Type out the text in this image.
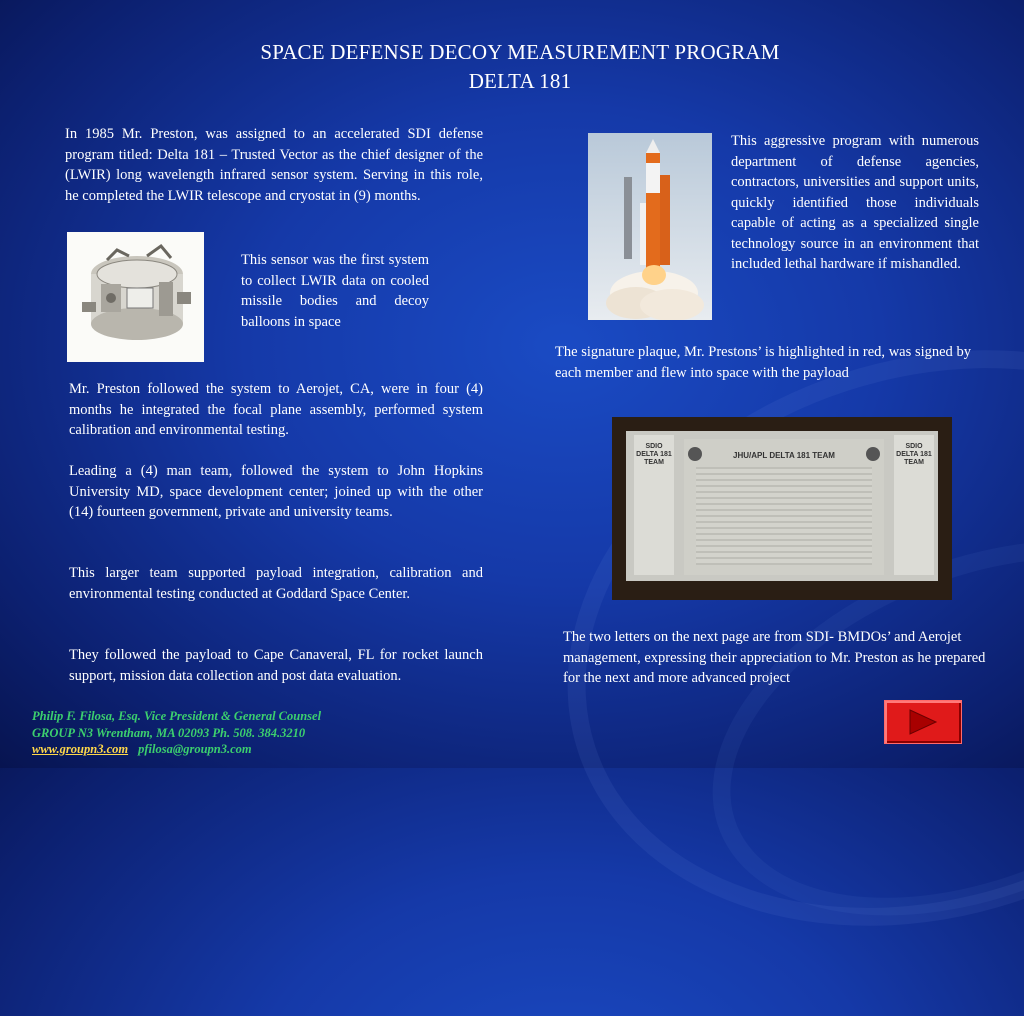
SPACE DEFENSE DECOY MEASUREMENT PROGRAM
DELTA 181
In 1985 Mr. Preston, was assigned to an accelerated SDI defense program titled: Delta 181 – Trusted Vector as the chief designer of the (LWIR) long wavelength infrared sensor system. Serving in this role, he completed the LWIR telescope and cryostat in (9) months.
This sensor was the first system to collect LWIR data on cooled missile bodies and decoy balloons in space
Mr. Preston followed the system to Aerojet, CA, were in four (4) months he integrated the focal plane assembly, performed system calibration and environmental testing.
Leading a (4) man team, followed the system to John Hopkins University MD, space development center; joined up with the other (14) fourteen government, private and university teams.
This larger team supported payload integration, calibration and environmental testing conducted at Goddard Space Center.
They followed the payload to Cape Canaveral, FL for rocket launch support, mission data collection and post data evaluation.
This aggressive program with numerous department of defense agencies, contractors, universities and support units, quickly identified those individuals capable of acting as a specialized single technology source in an environment that included lethal hardware if mishandled.
The signature plaque, Mr. Prestons’ is highlighted in red, was signed by each member and flew into space with the payload
SDIO DELTA 181 TEAM
JHU/APL DELTA 181 TEAM
SDIO DELTA 181 TEAM
The two letters on the next page are from SDI- BMDOs’ and Aerojet management, expressing their appreciation to Mr. Preston as he prepared for the next and more advanced project
Philip F. Filosa, Esq. Vice President & General Counsel
GROUP N3 Wrentham, MA 02093 Ph. 508. 384.3210
www.groupn3.com pfilosa@groupn3.com
